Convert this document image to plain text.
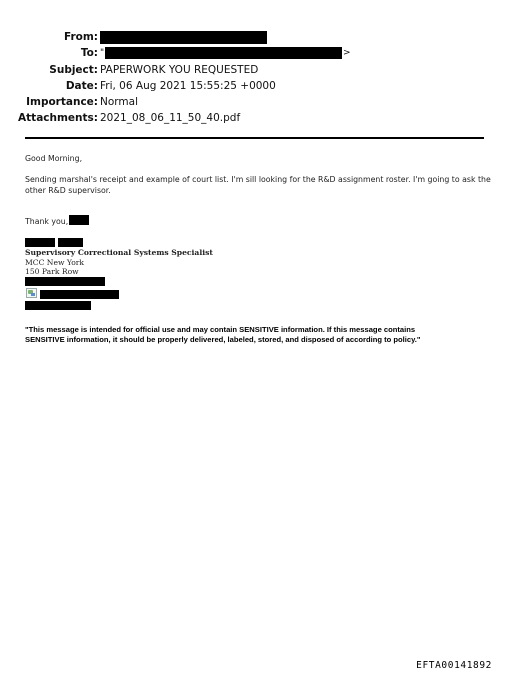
From:
To: "	>
Subject: PAPERWORK YOU REQUESTED
Date: Fri, 06 Aug 2021 15:55:25 +0000
Importance: Normal
Attachments: 2021_08_06_11_50_40.pdf
Good Morning,
Sending marshal's receipt and example of court list. I'm sill looking for the R&D assignment roster. I'm going to ask the
other R&D supervisor.
Thank you,
Supervisory Correctional Systems Specialist
MCC New York
150 Park Row
"This message is intended for official use and may contain SENSITIVE information. If this message contains
SENSITIVE information, it should be properly delivered, labeled, stored, and disposed of according to policy."
EFTA00141892
